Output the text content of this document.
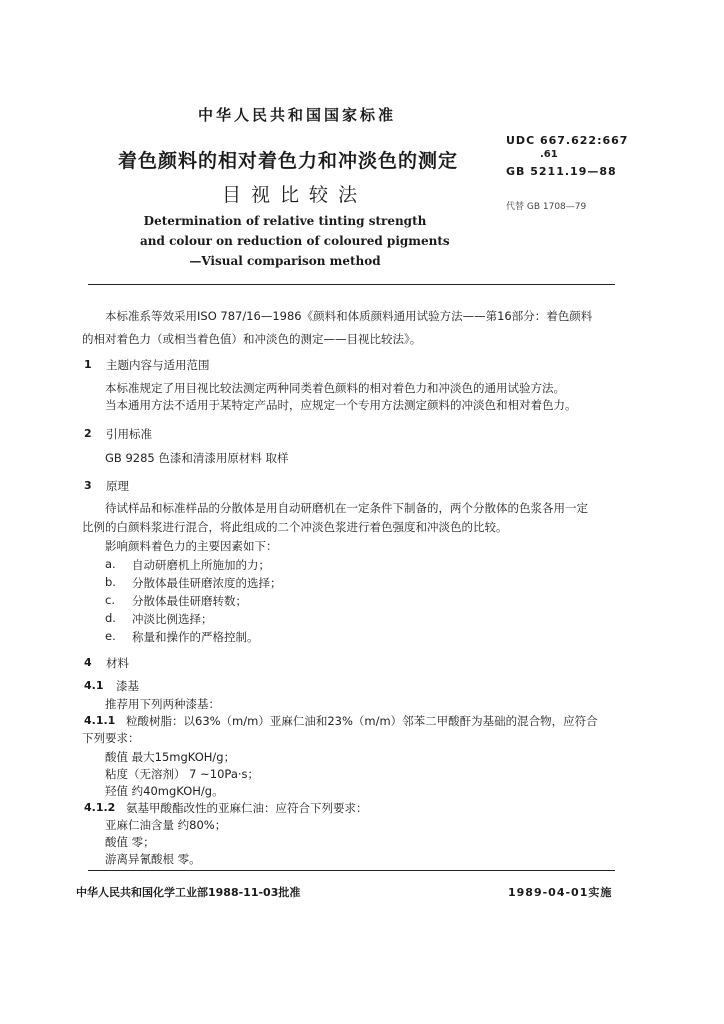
中华人民共和国国家标准
着色颜料的相对着色力和冲淡色的测定
目视比较法
Determination of relative tinting strength
and colour on reduction of coloured pigments
—Visual comparison method
UDC 667.622:667
.61
GB 5211.19—88
代替 GB 1708—79
本标准系等效采用ISO 787/16—1986《颜料和体质颜料通用试验方法——第16部分：着色颜料
的相对着色力（或相当着色值）和冲淡色的测定——目视比较法》。
1 主题内容与适用范围
本标准规定了用目视比较法测定两种同类着色颜料的相对着色力和冲淡色的通用试验方法。
当本通用方法不适用于某特定产品时，应规定一个专用方法测定颜料的冲淡色和相对着色力。
2 引用标准
GB 9285 色漆和清漆用原材料 取样
3 原理
待试样品和标准样品的分散体是用自动研磨机在一定条件下制备的，两个分散体的色浆各用一定
比例的白颜料浆进行混合，将此组成的二个冲淡色浆进行着色强度和冲淡色的比较。
影响颜料着色力的主要因素如下：
a. 自动研磨机上所施加的力；
b. 分散体最佳研磨浓度的选择；
c. 分散体最佳研磨转数；
d. 冲淡比例选择；
e. 称量和操作的严格控制。
4 材料
4.1 漆基
推荐用下列两种漆基：
4.1.1 粒酸树脂：以63%（m/m）亚麻仁油和23%（m/m）邻苯二甲酸酐为基础的混合物，应符合
下列要求：
酸值 最大15mgKOH/g；
粘度（无溶剂） 7 ~10Pa·s；
羟值 约40mgKOH/g。
4.1.2 氨基甲酸酯改性的亚麻仁油：应符合下列要求：
亚麻仁油含量 约80%；
酸值 零；
游离异氰酸根 零。
中华人民共和国化学工业部1988-11-03批准	1989-04-01实施
